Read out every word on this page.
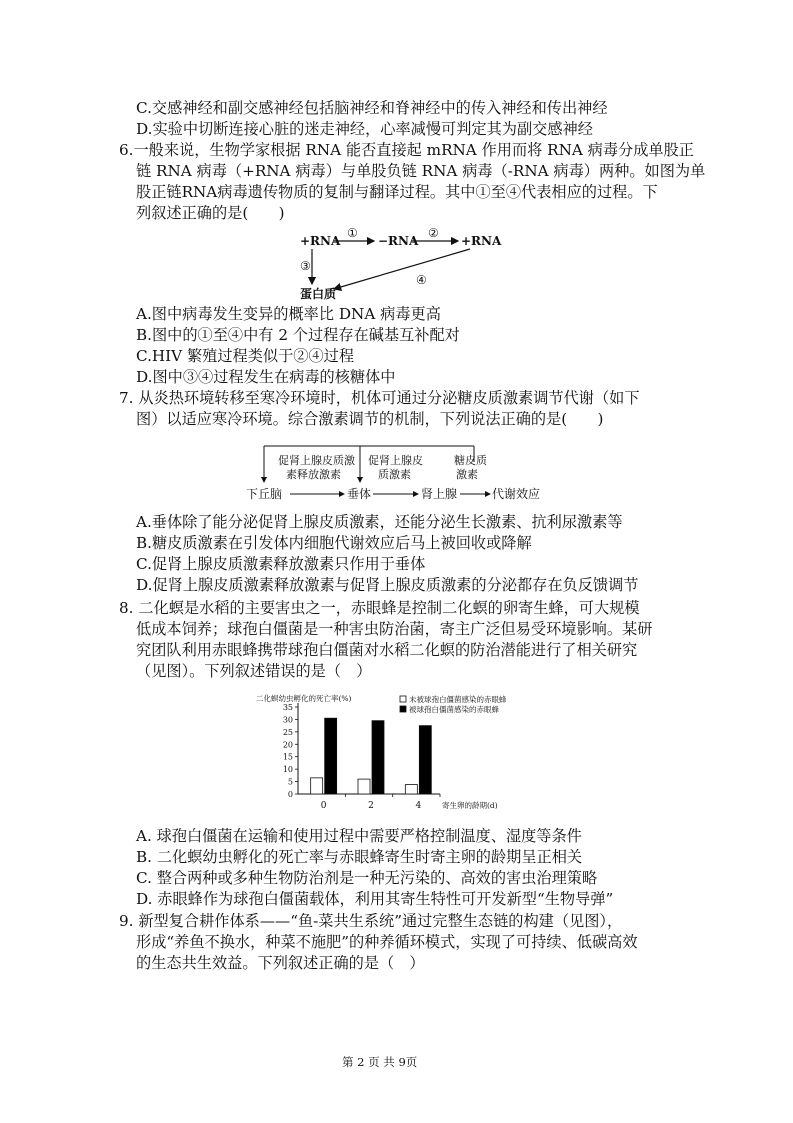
C.交感神经和副交感神经包括脑神经和脊神经中的传入神经和传出神经
D.实验中切断连接心脏的迷走神经，心率减慢可判定其为副交感神经
6.一般来说，生物学家根据 RNA 能否直接起 mRNA 作用而将 RNA 病毒分成单股正
链 RNA 病毒（+RNA 病毒）与单股负链 RNA 病毒（-RNA 病毒）两种。如图为单
股正链RNA病毒遗传物质的复制与翻译过程。其中①至④代表相应的过程。下
列叙述正确的是(　　)
+RNA
①
−RNA
②
+RNA
③
④
蛋白质
A.图中病毒发生变异的概率比 DNA 病毒更高
B.图中的①至④中有 2 个过程存在碱基互补配对
C.HIV 繁殖过程类似于②④过程
D.图中③④过程发生在病毒的核糖体中
7. 从炎热环境转移至寒冷环境时，机体可通过分泌糖皮质激素调节代谢（如下
图）以适应寒冷环境。综合激素调节的机制，下列说法正确的是(　　)
促肾上腺皮质激
素释放激素
促肾上腺皮
质激素
糖皮质
激素
下丘脑	垂体	肾上腺	代谢效应
A.垂体除了能分泌促肾上腺皮质激素，还能分泌生长激素、抗利尿激素等
B.糖皮质激素在引发体内细胞代谢效应后马上被回收或降解
C.促肾上腺皮质激素释放激素只作用于垂体
D.促肾上腺皮质激素释放激素与促肾上腺皮质激素的分泌都存在负反馈调节
8. 二化螟是水稻的主要害虫之一，赤眼蜂是控制二化螟的卵寄生蜂，可大规模
低成本饲养；球孢白僵菌是一种害虫防治菌，寄主广泛但易受环境影响。某研
究团队利用赤眼蜂携带球孢白僵菌对水稻二化螟的防治潜能进行了相关研究
（见图）。下列叙述错误的是（　）
二化螟幼虫孵化的死亡率(%)
0
5
10
15
20
25
30
35
0	2	4	寄生卵的龄期(d)
未被球孢白僵菌感染的赤眼蜂
被球孢白僵菌感染的赤眼蜂
A. 球孢白僵菌在运输和使用过程中需要严格控制温度、湿度等条件
B. 二化螟幼虫孵化的死亡率与赤眼蜂寄生时寄主卵的龄期呈正相关
C. 整合两种或多种生物防治剂是一种无污染的、高效的害虫治理策略
D. 赤眼蜂作为球孢白僵菌载体，利用其寄生特性可开发新型“生物导弹”
9. 新型复合耕作体系——“鱼-菜共生系统”通过完整生态链的构建（见图），
形成“养鱼不换水，种菜不施肥”的种养循环模式，实现了可持续、低碳高效
的生态共生效益。下列叙述正确的是（　）
第 2 页 共 9页
